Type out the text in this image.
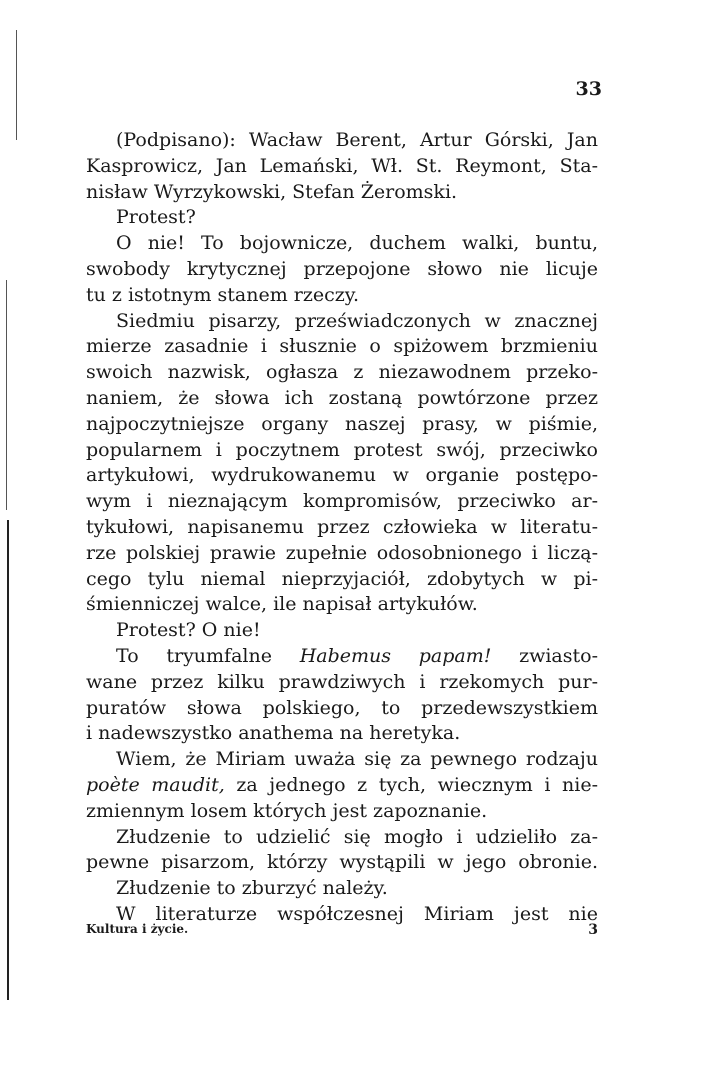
33
(Podpisano): Wacław Berent, Artur Górski, Jan
Kasprowicz, Jan Lemański, Wł. St. Reymont, Sta-
nisław Wyrzykowski, Stefan Żeromski.
Protest?
O nie! To bojownicze, duchem walki, buntu,
swobody krytycznej przepojone słowo nie licuje
tu z istotnym stanem rzeczy.
Siedmiu pisarzy, przeświadczonych w znacznej
mierze zasadnie i słusznie o spiżowem brzmieniu
swoich nazwisk, ogłasza z niezawodnem przeko-
naniem, że słowa ich zostaną powtórzone przez
najpoczytniejsze organy naszej prasy, w piśmie,
popularnem i poczytnem protest swój, przeciwko
artykułowi, wydrukowanemu w organie postępo-
wym i nieznającym kompromisów, przeciwko ar-
tykułowi, napisanemu przez człowieka w literatu-
rze polskiej prawie zupełnie odosobnionego i liczą-
cego tylu niemal nieprzyjaciół, zdobytych w pi-
śmienniczej walce, ile napisał artykułów.
Protest? O nie!
To tryumfalne Habemus papam! zwiasto-
wane przez kilku prawdziwych i rzekomych pur-
puratów słowa polskiego, to przedewszystkiem
i nadewszystko anathema na heretyka.
Wiem, że Miriam uważa się za pewnego rodzaju
poète maudit, za jednego z tych, wiecznym i nie-
zmiennym losem których jest zapoznanie.
Złudzenie to udzielić się mogło i udzieliło za-
pewne pisarzom, którzy wystąpili w jego obronie.
Złudzenie to zburzyć należy.
W literaturze współczesnej Miriam jest nie
Kultura i życie.	3
